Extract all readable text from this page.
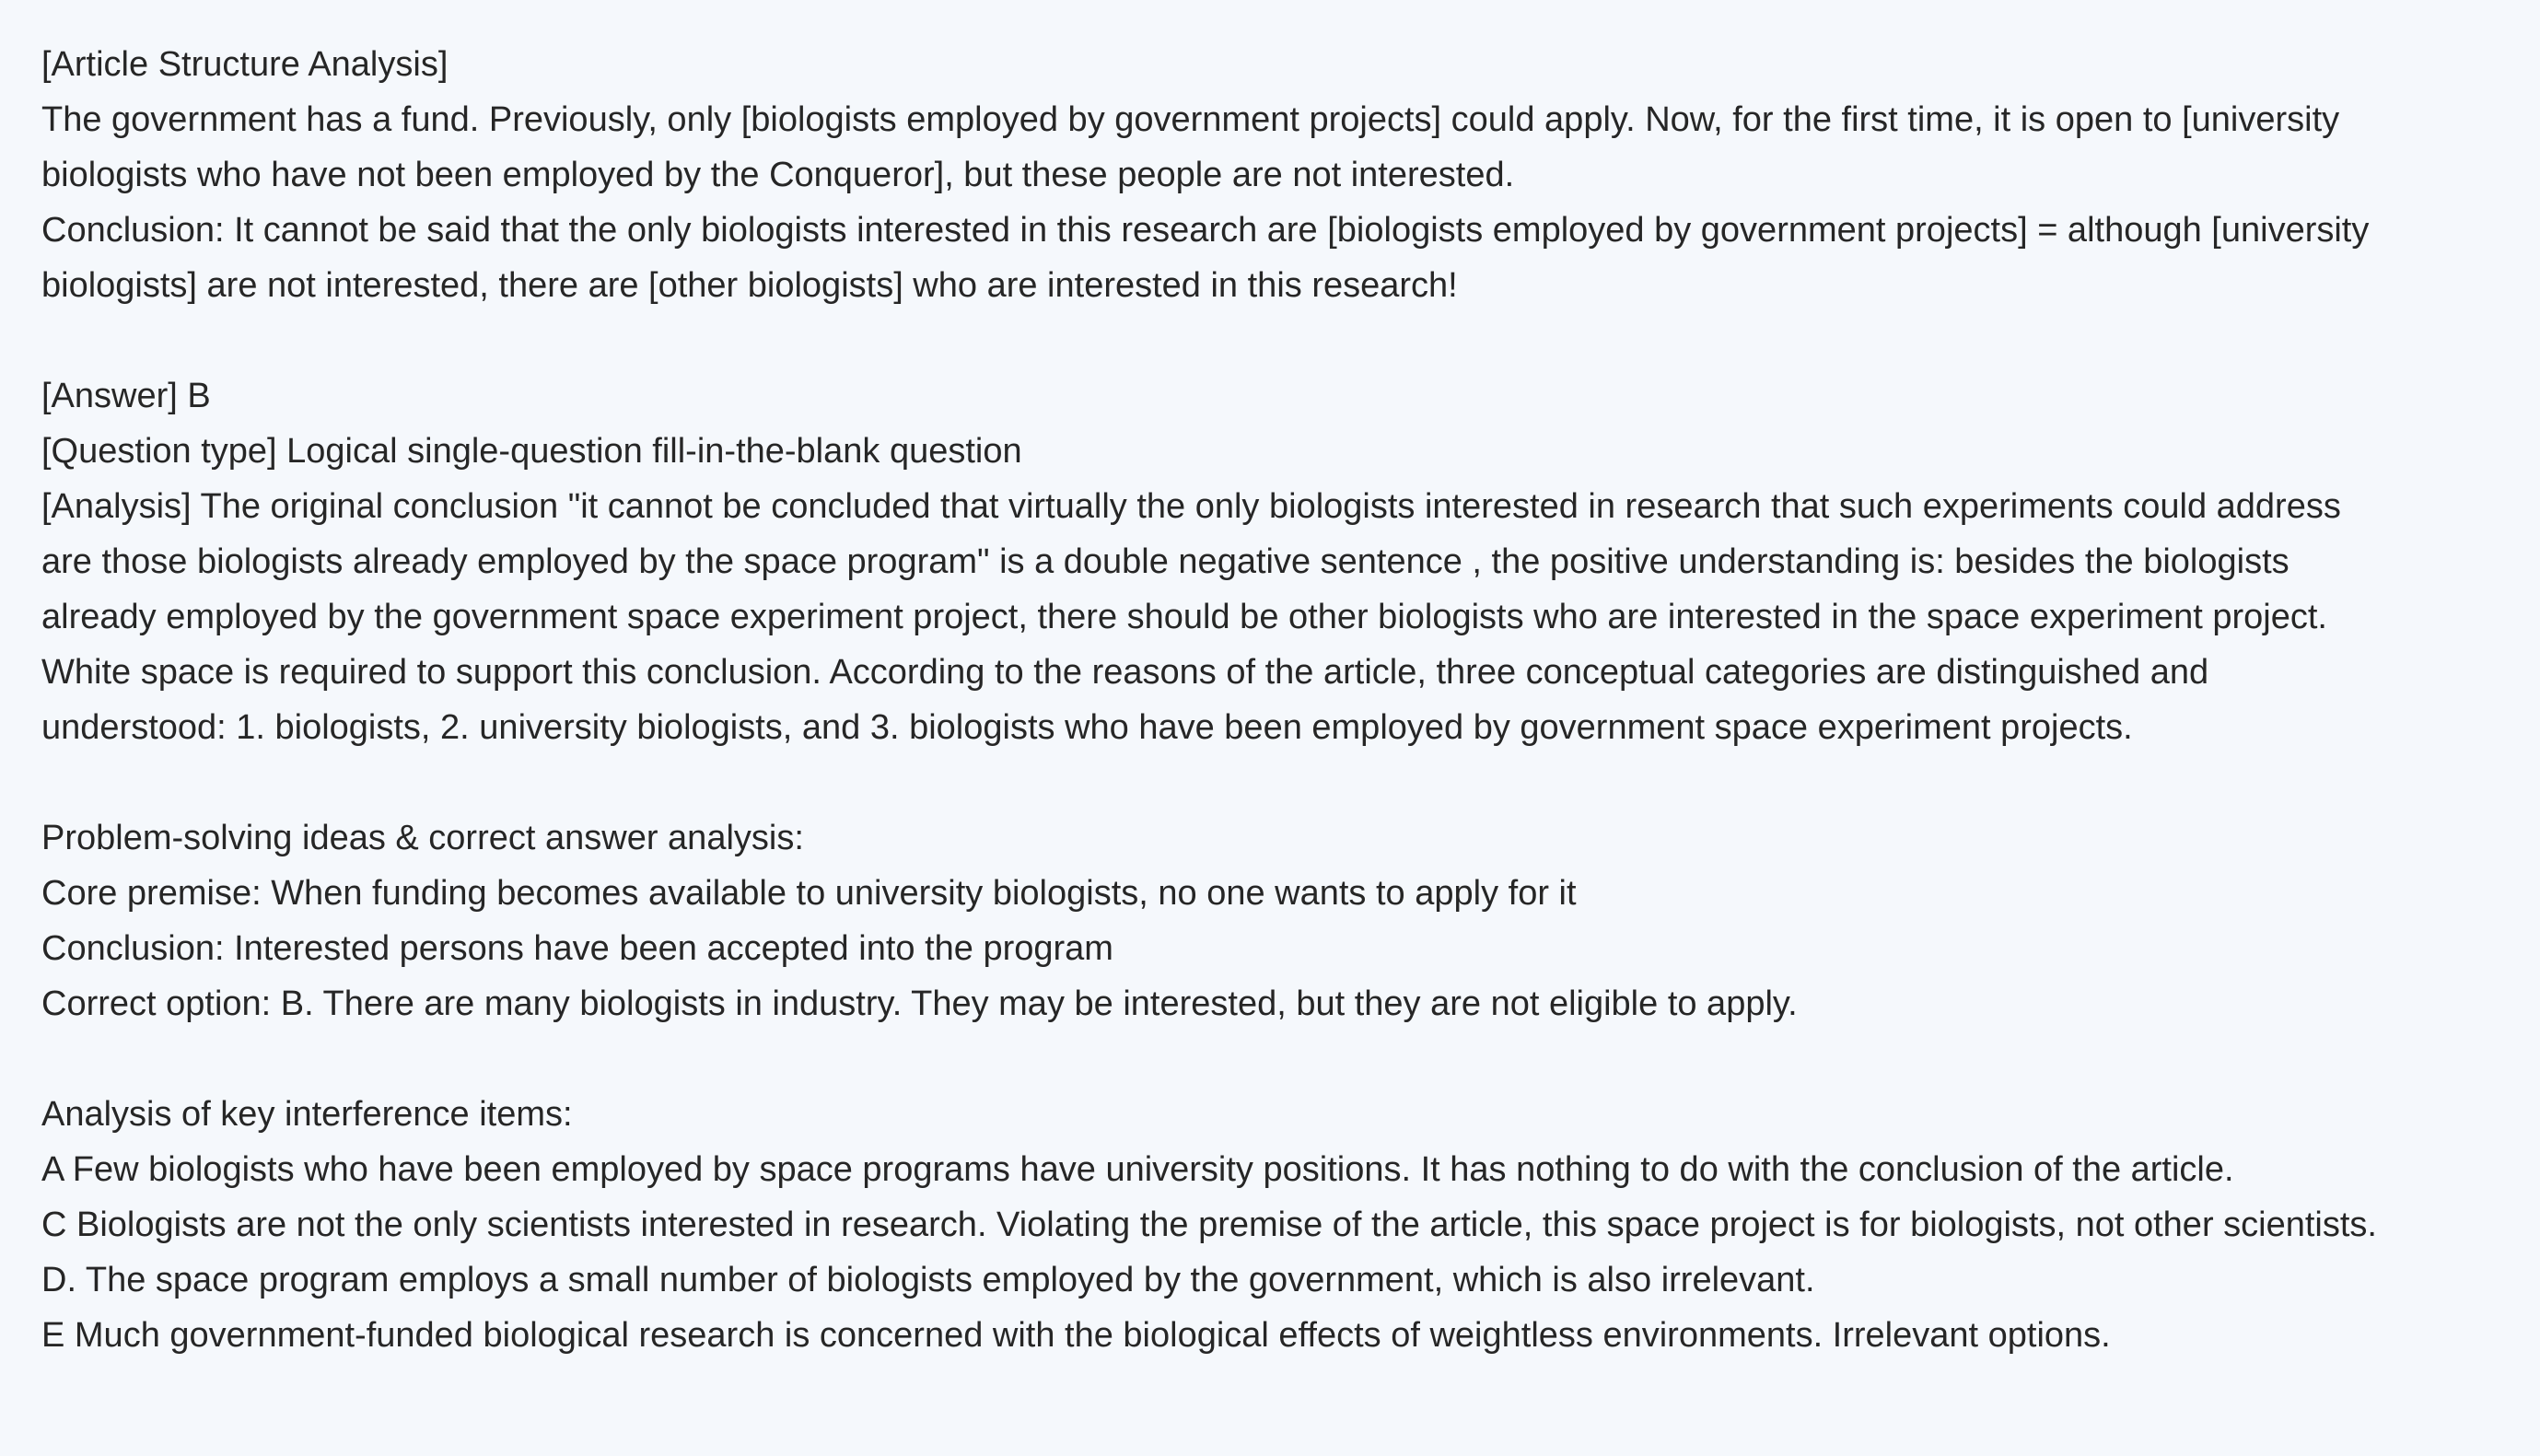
[Article Structure Analysis]
The government has a fund. Previously, only [biologists employed by government projects] could apply. Now, for the first time, it is open to [university
biologists who have not been employed by the Conqueror], but these people are not interested.
Conclusion: It cannot be said that the only biologists interested in this research are [biologists employed by government projects] = although [university
biologists] are not interested, there are [other biologists] who are interested in this research!
[Answer] B
[Question type] Logical single-question fill-in-the-blank question
[Analysis] The original conclusion "it cannot be concluded that virtually the only biologists interested in research that such experiments could address
are those biologists already employed by the space program" is a double negative sentence , the positive understanding is: besides the biologists
already employed by the government space experiment project, there should be other biologists who are interested in the space experiment project.
White space is required to support this conclusion. According to the reasons of the article, three conceptual categories are distinguished and
understood: 1. biologists, 2. university biologists, and 3. biologists who have been employed by government space experiment projects.
Problem-solving ideas & correct answer analysis:
Core premise: When funding becomes available to university biologists, no one wants to apply for it
Conclusion: Interested persons have been accepted into the program
Correct option: B. There are many biologists in industry. They may be interested, but they are not eligible to apply.
Analysis of key interference items:
A Few biologists who have been employed by space programs have university positions. It has nothing to do with the conclusion of the article.
C Biologists are not the only scientists interested in research. Violating the premise of the article, this space project is for biologists, not other scientists.
D. The space program employs a small number of biologists employed by the government, which is also irrelevant.
E Much government-funded biological research is concerned with the biological effects of weightless environments. Irrelevant options.
